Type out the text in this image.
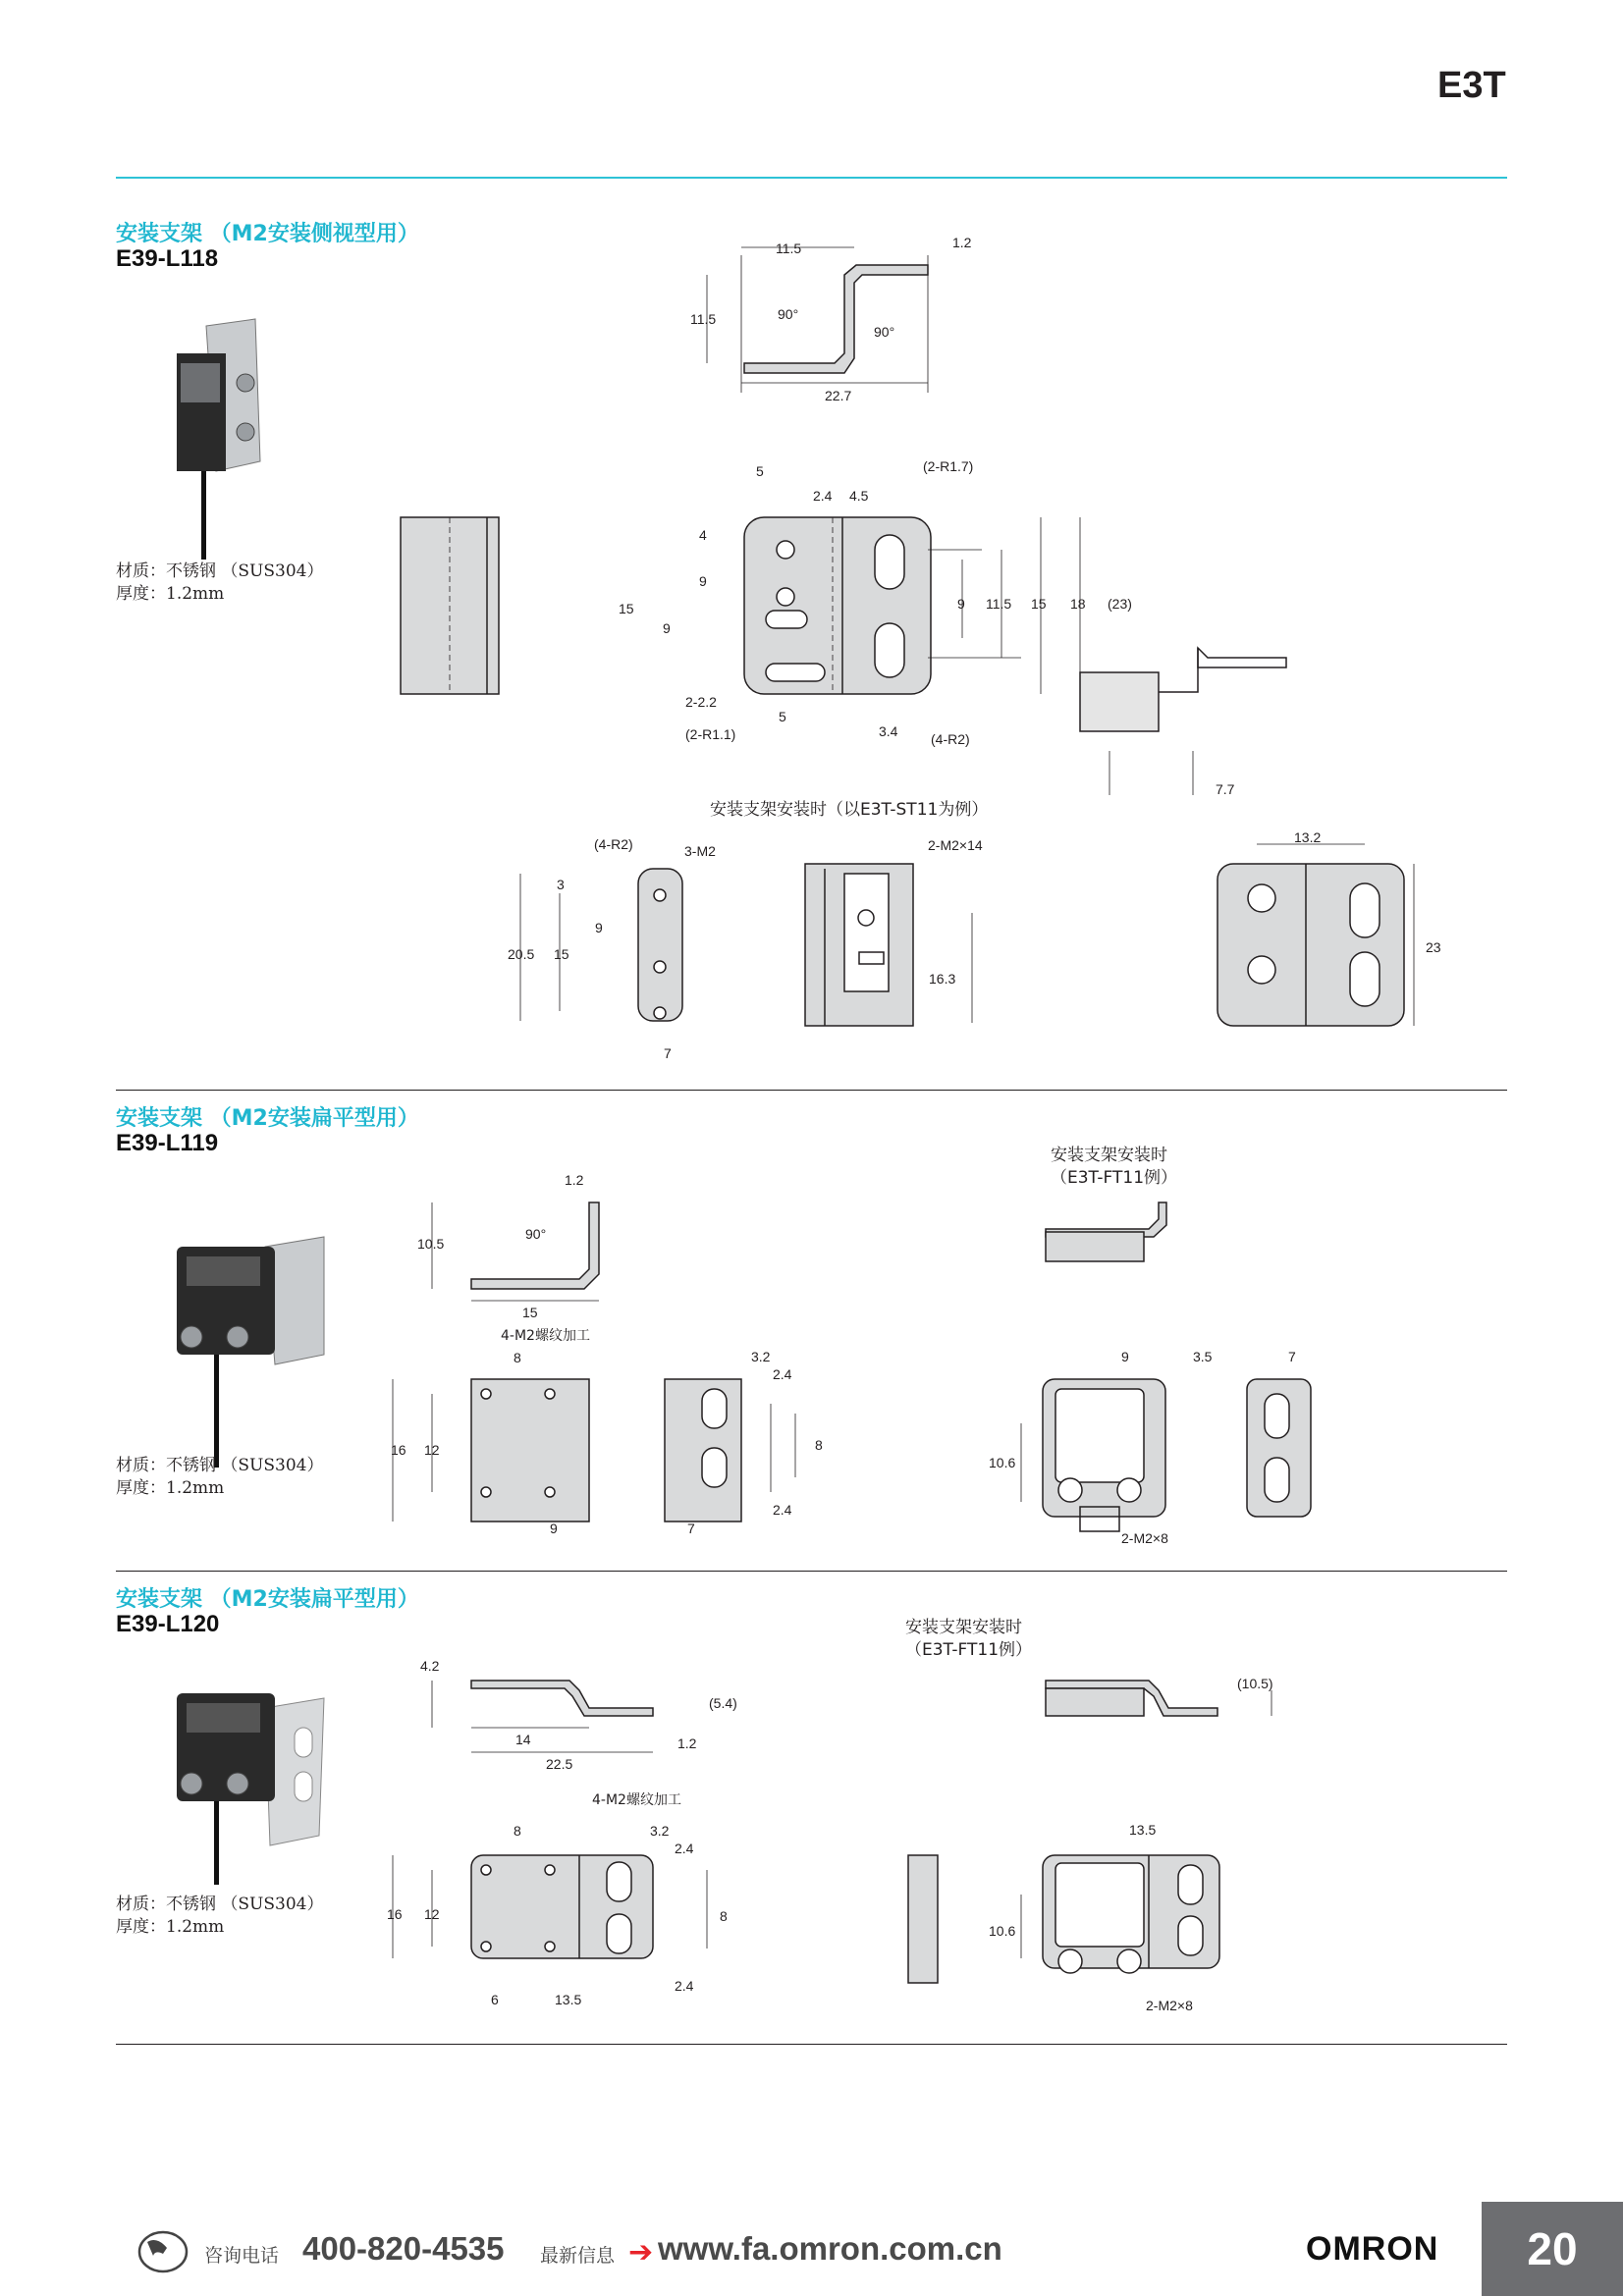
E3T
安装支架 （M2安装侧视型用）
E39-L118
材质：不锈钢 （SUS304）
厚度：1.2mm
11.5	1.2
11.5	90°
90°
22.7
5
2.4 4.5
(2-R1.7)
4
9
15
9
2-2.2
(2-R1.1)
5
3.4 (4-R2)
9 11.5 15 18 (23)
7.7
安装支架安装时（以E3T-ST11为例）
(4-R2)	3-M2
3
20.5 15
9
7
2-M2×14
16.3
13.2
23
安装支架 （M2安装扁平型用）
E39-L119
材质：不锈钢 （SUS304）
厚度：1.2mm
1.2
10.5
90°
15
4-M2螺纹加工
8
16 12
9
3.2
2.4
8
2.4
7
安装支架安装时
（E3T-FT11例）
9	3.5	7
10.6
2-M2×8
安装支架 （M2安装扁平型用）
E39-L120
材质：不锈钢 （SUS304）
厚度：1.2mm
4.2
(5.4)
14	1.2
22.5
4-M2螺纹加工
8	3.2
2.4
16 12	8
2.4
6	13.5
安装支架安装时
（E3T-FT11例）
(10.5)
13.5
10.6
2-M2×8
咨询电话 400-820-4535 最新信息 ➔ www.fa.omron.com.cn	OMRON	20
